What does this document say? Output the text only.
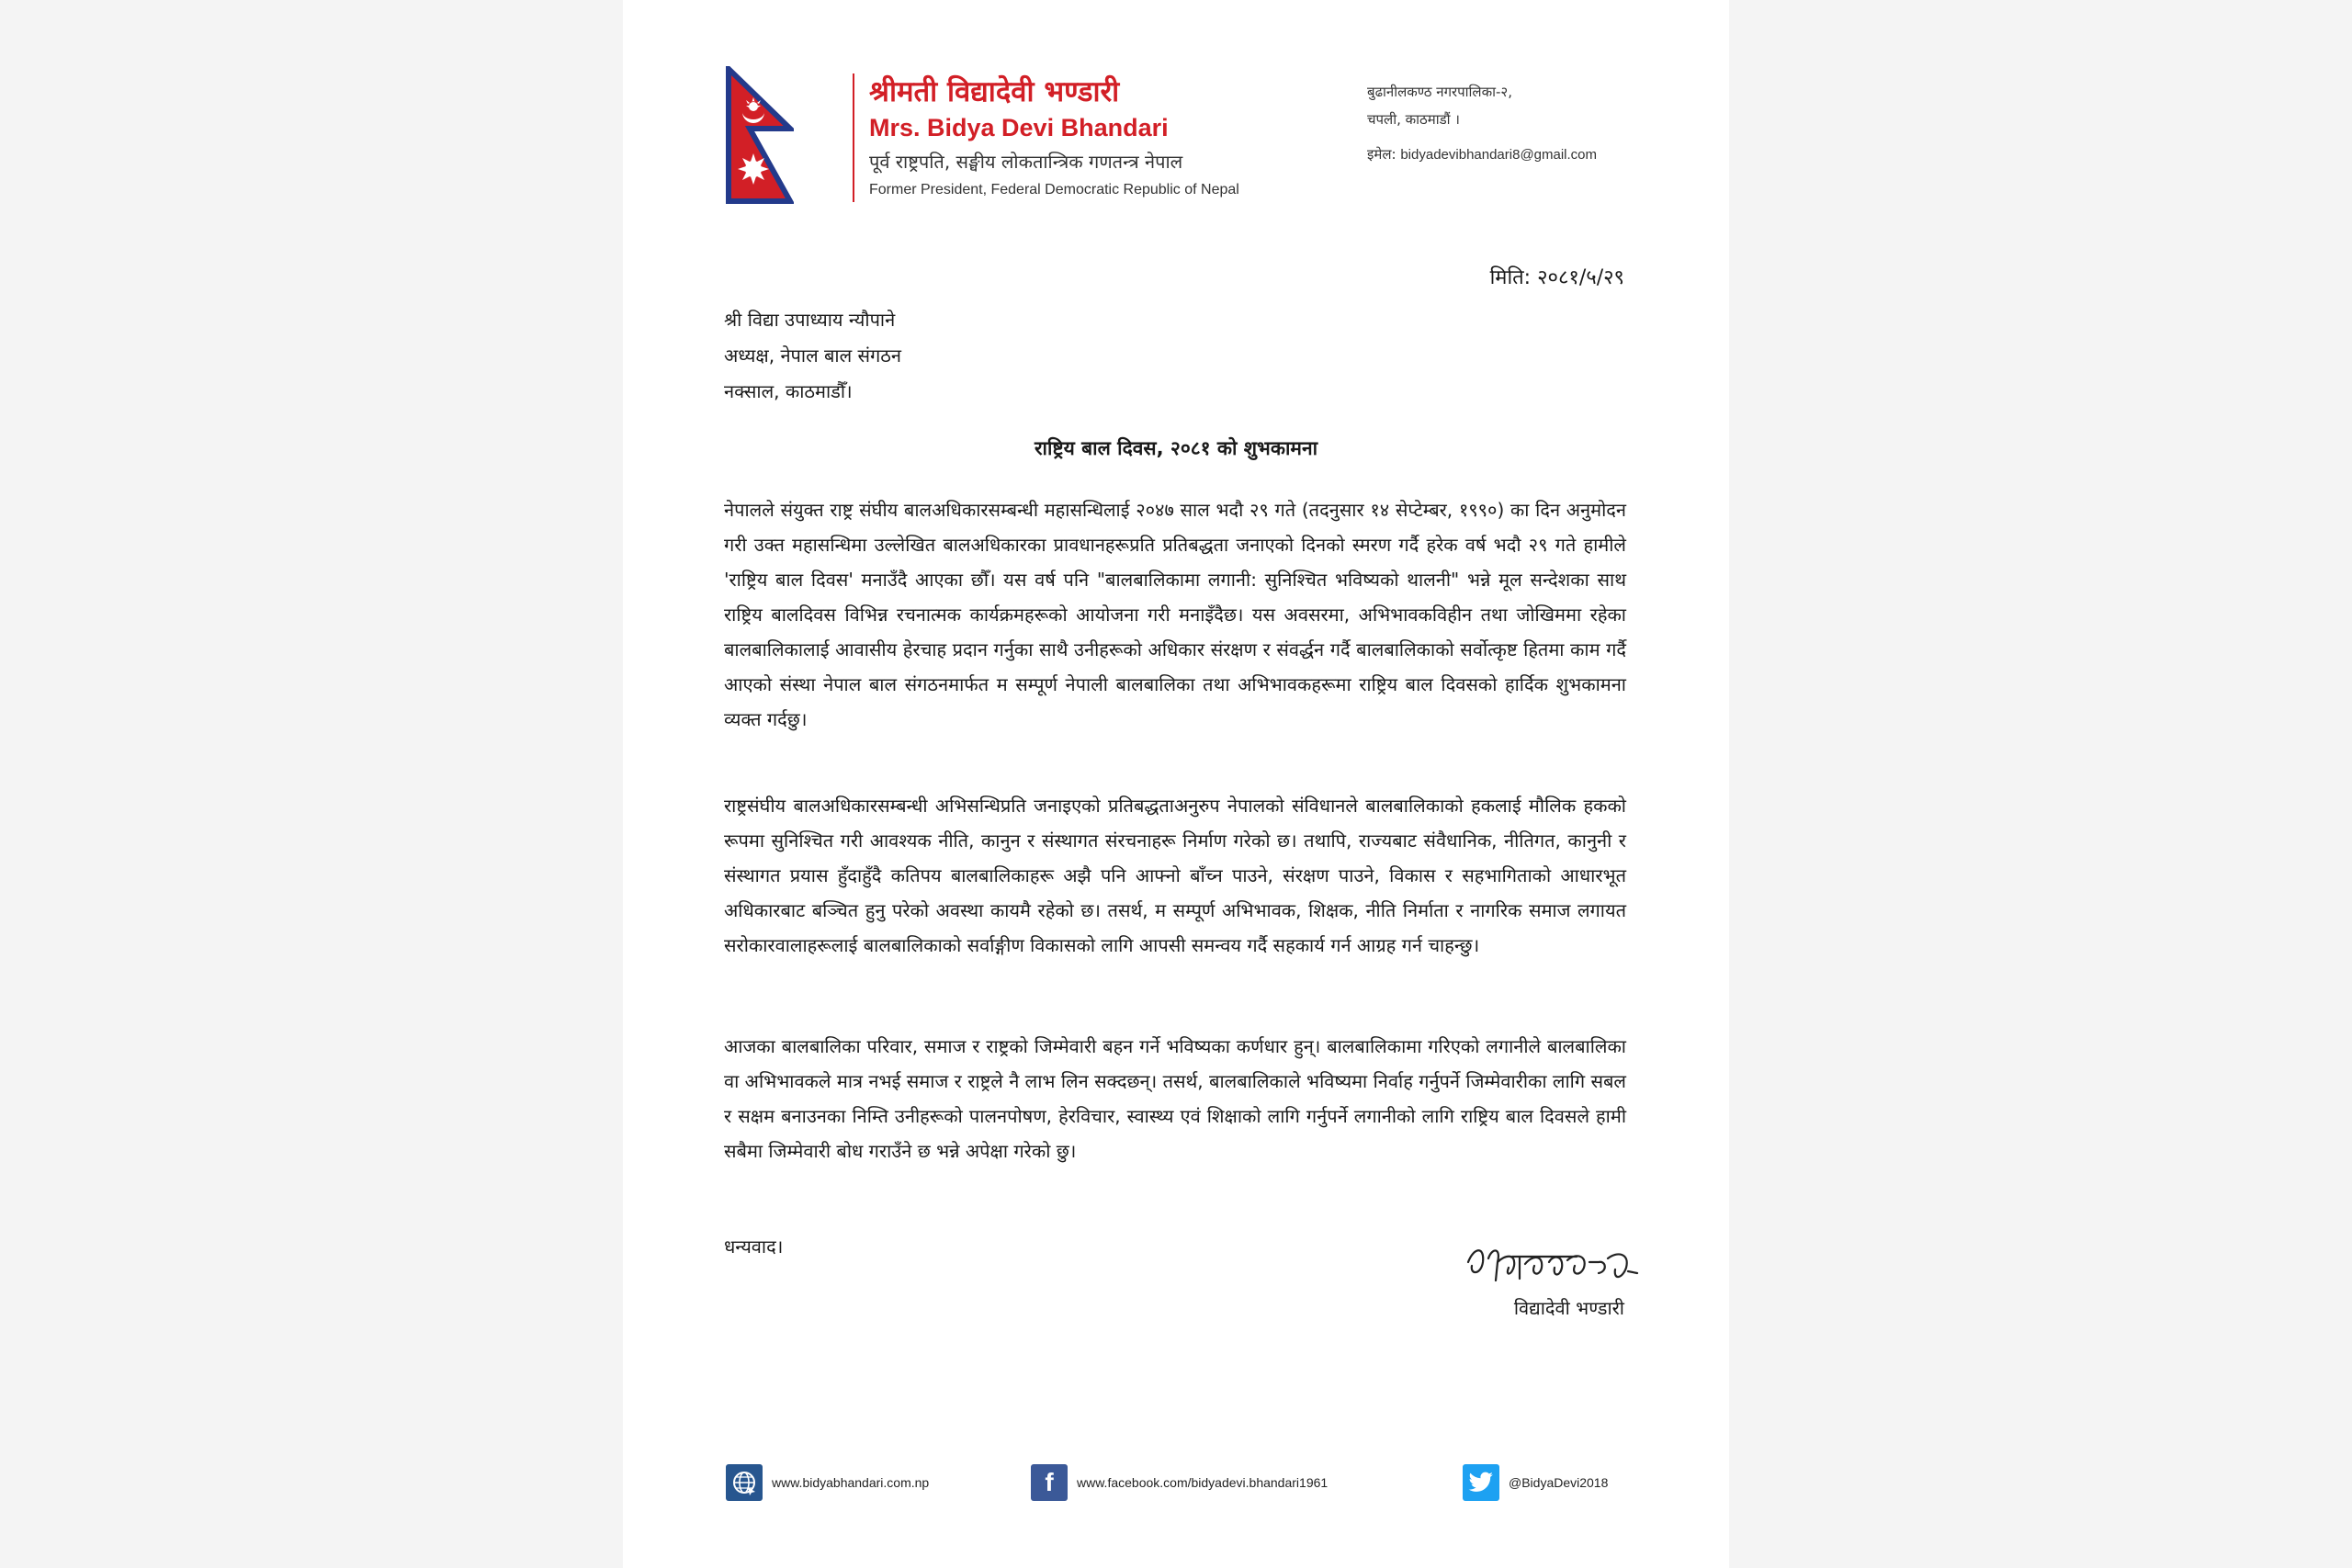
श्रीमती विद्यादेवी भण्डारी
Mrs. Bidya Devi Bhandari
पूर्व राष्ट्रपति, सङ्घीय लोकतान्त्रिक गणतन्त्र नेपाल
Former President, Federal Democratic Republic of Nepal
बुढानीलकण्ठ नगरपालिका-२,
चपली, काठमाडौं ।
इमेल: bidyadevibhandari8@gmail.com
मिति: २०८१/५/२९
श्री विद्या उपाध्याय न्यौपाने
अध्यक्ष, नेपाल बाल संगठन
नक्साल, काठमाडौँ।
राष्ट्रिय बाल दिवस, २०८१ को शुभकामना
नेपालले संयुक्त राष्ट्र संघीय बालअधिकारसम्बन्धी महासन्धिलाई २०४७ साल भदौ २९ गते (तदनुसार १४ सेप्टेम्बर, १९९०) का दिन अनुमोदन गरी उक्त महासन्धिमा उल्लेखित बालअधिकारका प्रावधानहरूप्रति प्रतिबद्धता जनाएको दिनको स्मरण गर्दै हरेक वर्ष भदौ २९ गते हामीले 'राष्ट्रिय बाल दिवस' मनाउँदै आएका छौँ। यस वर्ष पनि "बालबालिकामा लगानी: सुनिश्चित भविष्यको थालनी" भन्ने मूल सन्देशका साथ राष्ट्रिय बालदिवस विभिन्न रचनात्मक कार्यक्रमहरूको आयोजना गरी मनाइँदैछ। यस अवसरमा, अभिभावकविहीन तथा जोखिममा रहेका बालबालिकालाई आवासीय हेरचाह प्रदान गर्नुका साथै उनीहरूको अधिकार संरक्षण र संवर्द्धन गर्दै बालबालिकाको सर्वोत्कृष्ट हितमा काम गर्दै आएको संस्था नेपाल बाल संगठनमार्फत म सम्पूर्ण नेपाली बालबालिका तथा अभिभावकहरूमा राष्ट्रिय बाल दिवसको हार्दिक शुभकामना व्यक्त गर्दछु।
राष्ट्रसंघीय बालअधिकारसम्बन्धी अभिसन्धिप्रति जनाइएको प्रतिबद्धताअनुरुप नेपालको संविधानले बालबालिकाको हकलाई मौलिक हकको रूपमा सुनिश्चित गरी आवश्यक नीति, कानुन र संस्थागत संरचनाहरू निर्माण गरेको छ। तथापि, राज्यबाट संवैधानिक, नीतिगत, कानुनी र संस्थागत प्रयास हुँदाहुँदै कतिपय बालबालिकाहरू अझै पनि आफ्नो बाँच्न पाउने, संरक्षण पाउने, विकास र सहभागिताको आधारभूत अधिकारबाट बञ्चित हुनु परेको अवस्था कायमै रहेको छ। तसर्थ, म सम्पूर्ण अभिभावक, शिक्षक, नीति निर्माता र नागरिक समाज लगायत सरोकारवालाहरूलाई बालबालिकाको सर्वाङ्गीण विकासको लागि आपसी समन्वय गर्दै सहकार्य गर्न आग्रह गर्न चाहन्छु।
आजका बालबालिका परिवार, समाज र राष्ट्रको जिम्मेवारी बहन गर्ने भविष्यका कर्णधार हुन्। बालबालिकामा गरिएको लगानीले बालबालिका वा अभिभावकले मात्र नभई समाज र राष्ट्रले नै लाभ लिन सक्दछन्। तसर्थ, बालबालिकाले भविष्यमा निर्वाह गर्नुपर्ने जिम्मेवारीका लागि सबल र सक्षम बनाउनका निम्ति उनीहरूको पालनपोषण, हेरविचार, स्वास्थ्य एवं शिक्षाको लागि गर्नुपर्ने लगानीको लागि राष्ट्रिय बाल दिवसले हामी सबैमा जिम्मेवारी बोध गराउँने छ भन्ने अपेक्षा गरेको छु।
धन्यवाद।
विद्यादेवी भण्डारी
www.bidyabhandari.com.np	f	www.facebook.com/bidyadevi.bhandari1961	@BidyaDevi2018
